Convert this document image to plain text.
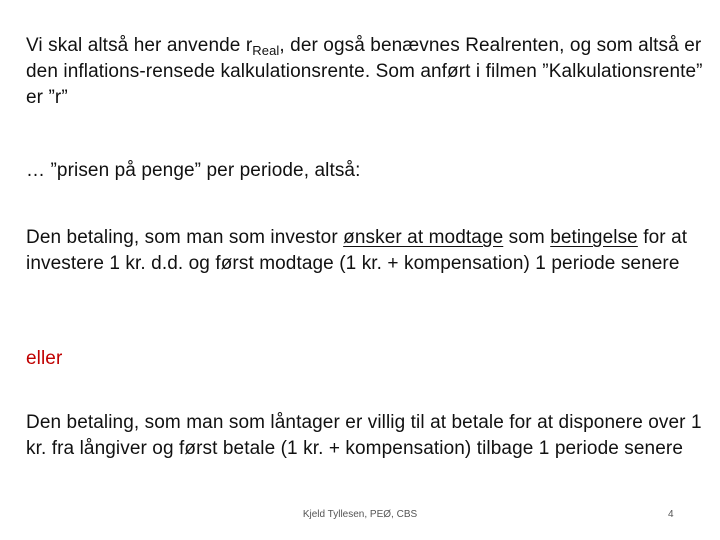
Vi skal altså her anvende $r_{Real}$, der også benævnes Realrenten, og som altså er den inflations-rensede kalkulationsrente. Som anført i filmen ”Kalkulationsrente” er ”r”
… ”prisen på penge” per periode, altså:
Den betaling, som man som investor ønsker at modtage som betingelse for at investere 1 kr. d.d. og først modtage (1 kr. + kompensation) 1 periode senere
eller
Den betaling, som man som låntager er villig til at betale for at disponere over 1 kr. fra långiver og først betale (1 kr. + kompensation) tilbage 1 periode senere
Kjeld Tyllesen, PEØ, CBS	4
